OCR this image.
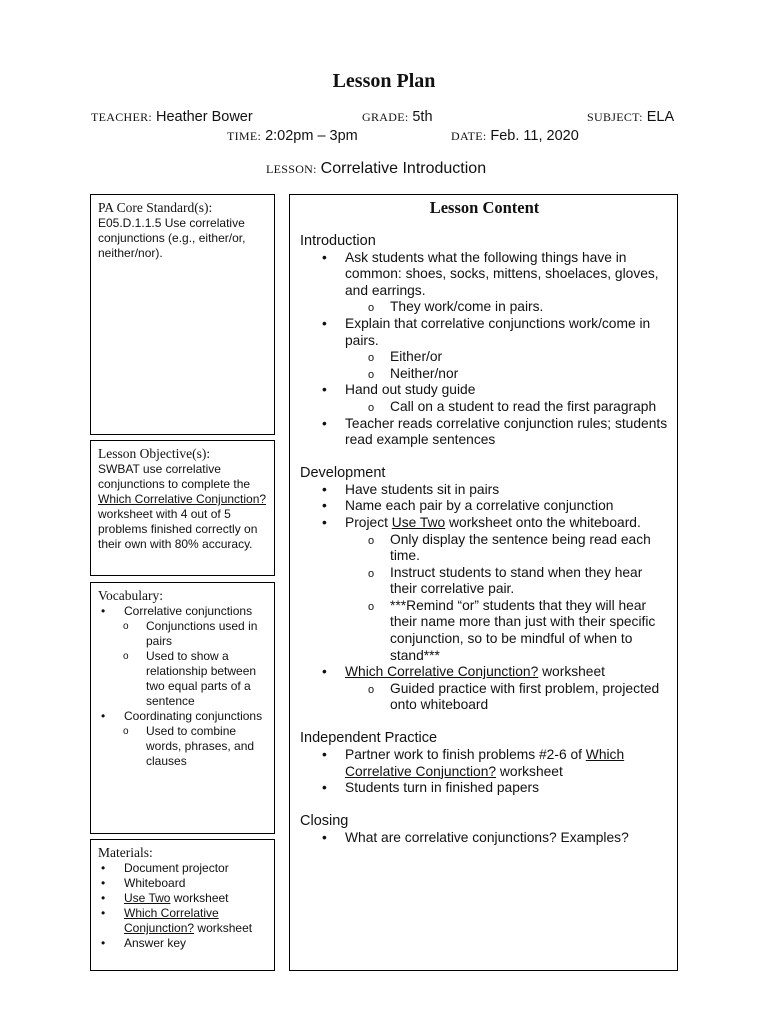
Lesson Plan
TEACHER: Heather Bower	GRADE: 5th	SUBJECT: ELA
TIME: 2:02pm – 3pm	DATE: Feb. 11, 2020
LESSON: Correlative Introduction
PA Core Standard(s):
E05.D.1.1.5 Use correlative conjunctions (e.g., either/or, neither/nor).
Lesson Objective(s):
SWBAT use correlative conjunctions to complete the Which Correlative Conjunction? worksheet with 4 out of 5 problems finished correctly on their own with 80% accuracy.
Vocabulary:
• Correlative conjunctions
o Conjunctions used in pairs
o Used to show a relationship between two equal parts of a sentence
• Coordinating conjunctions
o Used to combine words, phrases, and clauses
Materials:
• Document projector
• Whiteboard
• Use Two worksheet
• Which Correlative Conjunction? worksheet
• Answer key
Lesson Content
Introduction
• Ask students what the following things have in common: shoes, socks, mittens, shoelaces, gloves, and earrings.
o They work/come in pairs.
• Explain that correlative conjunctions work/come in pairs.
o Either/or
o Neither/nor
• Hand out study guide
o Call on a student to read the first paragraph
• Teacher reads correlative conjunction rules; students read example sentences
Development
• Have students sit in pairs
• Name each pair by a correlative conjunction
• Project Use Two worksheet onto the whiteboard.
o Only display the sentence being read each time.
o Instruct students to stand when they hear their correlative pair.
o ***Remind “or” students that they will hear their name more than just with their specific conjunction, so to be mindful of when to stand***
• Which Correlative Conjunction? worksheet
o Guided practice with first problem, projected onto whiteboard
Independent Practice
• Partner work to finish problems #2-6 of Which Correlative Conjunction? worksheet
• Students turn in finished papers
Closing
• What are correlative conjunctions? Examples?
